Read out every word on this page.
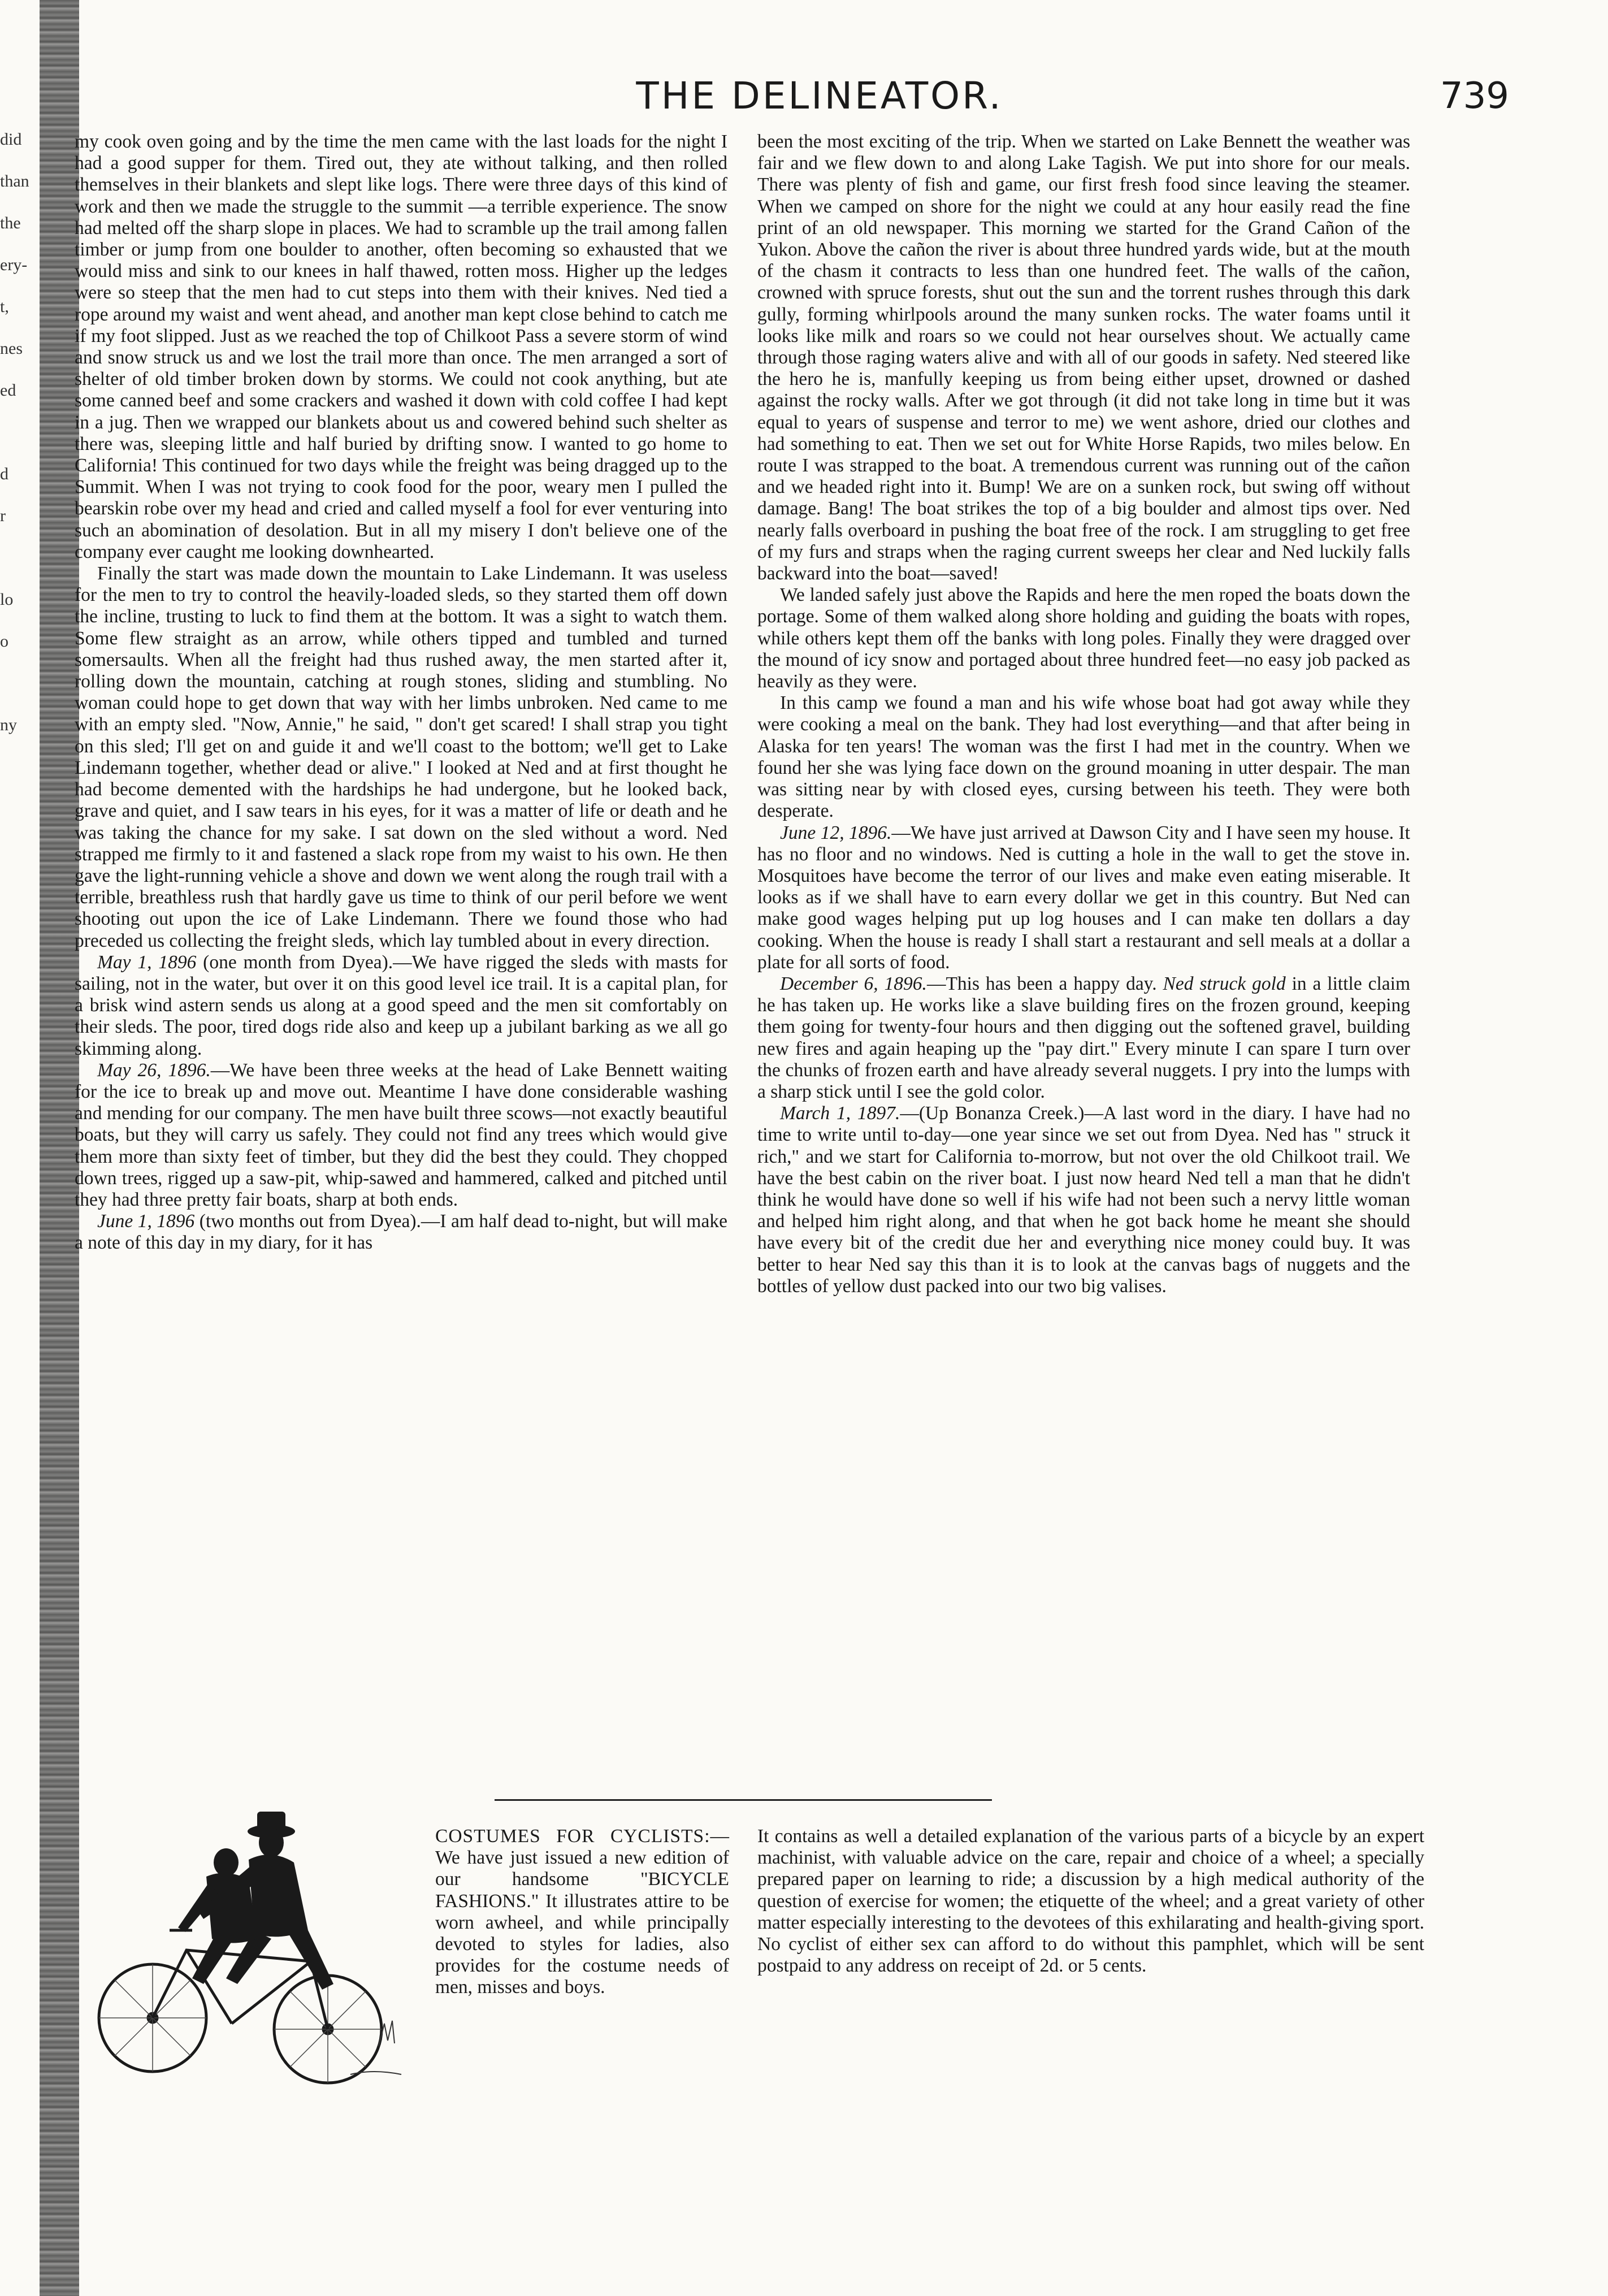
did
than
the
ery-
t,
nes
ed
d
r
lo
o
ny
THE DELINEATOR.	739

my cook oven going and by the time the men came with the last loads for the night I had a good supper for them. Tired out, they ate without talking, and then rolled themselves in their blankets and slept like logs. There were three days of this kind of work and then we made the struggle to the summit —a terrible experience. The snow had melted off the sharp slope in places. We had to scramble up the trail among fallen timber or jump from one boulder to another, often becoming so exhausted that we would miss and sink to our knees in half thawed, rotten moss. Higher up the ledges were so steep that the men had to cut steps into them with their knives. Ned tied a rope around my waist and went ahead, and another man kept close behind to catch me if my foot slipped. Just as we reached the top of Chilkoot Pass a severe storm of wind and snow struck us and we lost the trail more than once. The men arranged a sort of shelter of old timber broken down by storms. We could not cook anything, but ate some canned beef and some crackers and washed it down with cold coffee I had kept in a jug. Then we wrapped our blankets about us and cowered behind such shelter as there was, sleeping little and half buried by drifting snow. I wanted to go home to California! This continued for two days while the freight was being dragged up to the Summit. When I was not trying to cook food for the poor, weary men I pulled the bearskin robe over my head and cried and called myself a fool for ever venturing into such an abomination of desolation. But in all my misery I don't believe one of the company ever caught me looking downhearted.

Finally the start was made down the mountain to Lake Lindemann. It was useless for the men to try to control the heavily-loaded sleds, so they started them off down the incline, trusting to luck to find them at the bottom. It was a sight to watch them. Some flew straight as an arrow, while others tipped and tumbled and turned somersaults. When all the freight had thus rushed away, the men started after it, rolling down the mountain, catching at rough stones, sliding and stumbling. No woman could hope to get down that way with her limbs unbroken. Ned came to me with an empty sled. "Now, Annie," he said, " don't get scared! I shall strap you tight on this sled; I'll get on and guide it and we'll coast to the bottom; we'll get to Lake Lindemann together, whether dead or alive." I looked at Ned and at first thought he had become demented with the hardships he had undergone, but he looked back, grave and quiet, and I saw tears in his eyes, for it was a matter of life or death and he was taking the chance for my sake. I sat down on the sled without a word. Ned strapped me firmly to it and fastened a slack rope from my waist to his own. He then gave the light-running vehicle a shove and down we went along the rough trail with a terrible, breathless rush that hardly gave us time to think of our peril before we went shooting out upon the ice of Lake Lindemann. There we found those who had preceded us collecting the freight sleds, which lay tumbled about in every direction.

May 1, 1896 (one month from Dyea).—We have rigged the sleds with masts for sailing, not in the water, but over it on this good level ice trail. It is a capital plan, for a brisk wind astern sends us along at a good speed and the men sit comfortably on their sleds. The poor, tired dogs ride also and keep up a jubilant barking as we all go skimming along.

May 26, 1896.—We have been three weeks at the head of Lake Bennett waiting for the ice to break up and move out. Meantime I have done considerable washing and mending for our company. The men have built three scows—not exactly beautiful boats, but they will carry us safely. They could not find any trees which would give them more than sixty feet of timber, but they did the best they could. They chopped down trees, rigged up a saw-pit, whip-sawed and hammered, calked and pitched until they had three pretty fair boats, sharp at both ends.

June 1, 1896 (two months out from Dyea).—I am half dead to-night, but will make a note of this day in my diary, for it has

been the most exciting of the trip. When we started on Lake Bennett the weather was fair and we flew down to and along Lake Tagish. We put into shore for our meals. There was plenty of fish and game, our first fresh food since leaving the steamer. When we camped on shore for the night we could at any hour easily read the fine print of an old newspaper. This morning we started for the Grand Cañon of the Yukon. Above the cañon the river is about three hundred yards wide, but at the mouth of the chasm it contracts to less than one hundred feet. The walls of the cañon, crowned with spruce forests, shut out the sun and the torrent rushes through this dark gully, forming whirlpools around the many sunken rocks. The water foams until it looks like milk and roars so we could not hear ourselves shout. We actually came through those raging waters alive and with all of our goods in safety. Ned steered like the hero he is, manfully keeping us from being either upset, drowned or dashed against the rocky walls. After we got through (it did not take long in time but it was equal to years of suspense and terror to me) we went ashore, dried our clothes and had something to eat. Then we set out for White Horse Rapids, two miles below. En route I was strapped to the boat. A tremendous current was running out of the cañon and we headed right into it. Bump! We are on a sunken rock, but swing off without damage. Bang! The boat strikes the top of a big boulder and almost tips over. Ned nearly falls overboard in pushing the boat free of the rock. I am struggling to get free of my furs and straps when the raging current sweeps her clear and Ned luckily falls backward into the boat—saved!

We landed safely just above the Rapids and here the men roped the boats down the portage. Some of them walked along shore holding and guiding the boats with ropes, while others kept them off the banks with long poles. Finally they were dragged over the mound of icy snow and portaged about three hundred feet—no easy job packed as heavily as they were.

In this camp we found a man and his wife whose boat had got away while they were cooking a meal on the bank. They had lost everything—and that after being in Alaska for ten years! The woman was the first I had met in the country. When we found her she was lying face down on the ground moaning in utter despair. The man was sitting near by with closed eyes, cursing between his teeth. They were both desperate.

June 12, 1896.—We have just arrived at Dawson City and I have seen my house. It has no floor and no windows. Ned is cutting a hole in the wall to get the stove in. Mosquitoes have become the terror of our lives and make even eating miserable. It looks as if we shall have to earn every dollar we get in this country. But Ned can make good wages helping put up log houses and I can make ten dollars a day cooking. When the house is ready I shall start a restaurant and sell meals at a dollar a plate for all sorts of food.

December 6, 1896.—This has been a happy day. Ned struck gold in a little claim he has taken up. He works like a slave building fires on the frozen ground, keeping them going for twenty-four hours and then digging out the softened gravel, building new fires and again heaping up the "pay dirt." Every minute I can spare I turn over the chunks of frozen earth and have already several nuggets. I pry into the lumps with a sharp stick until I see the gold color.

March 1, 1897.—(Up Bonanza Creek.)—A last word in the diary. I have had no time to write until to-day—one year since we set out from Dyea. Ned has " struck it rich," and we start for California to-morrow, but not over the old Chilkoot trail. We have the best cabin on the river boat. I just now heard Ned tell a man that he didn't think he would have done so well if his wife had not been such a nervy little woman and helped him right along, and that when he got back home he meant she should have every bit of the credit due her and everything nice money could buy. It was better to hear Ned say this than it is to look at the canvas bags of nuggets and the bottles of yellow dust packed into our two big valises.

COSTUMES FOR CYCLISTS:—We have just issued a new edition of our handsome "BICYCLE FASHIONS." It illustrates attire to be worn awheel, and while principally devoted to styles for ladies, also provides for the costume needs of men, misses and boys.

It contains as well a detailed explanation of the various parts of a bicycle by an expert machinist, with valuable advice on the care, repair and choice of a wheel; a specially prepared paper on learning to ride; a discussion by a high medical authority of the question of exercise for women; the etiquette of the wheel; and a great variety of other matter especially interesting to the devotees of this exhilarating and health-giving sport. No cyclist of either sex can afford to do without this pamphlet, which will be sent postpaid to any address on receipt of 2d. or 5 cents.
